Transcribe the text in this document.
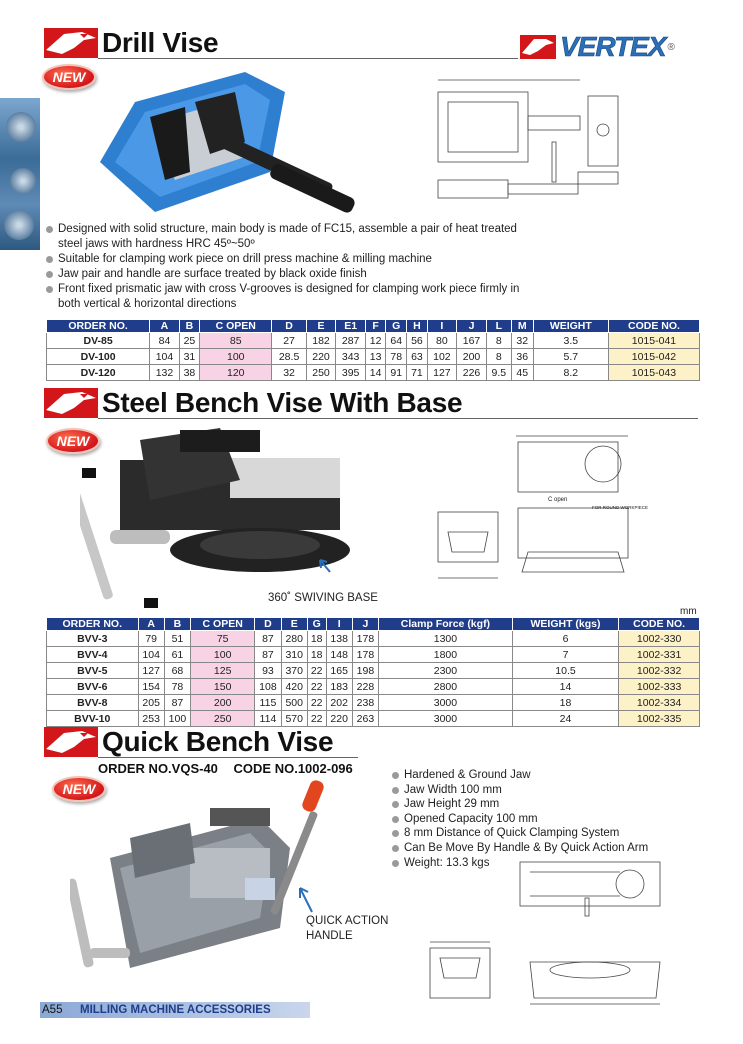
Drill Vise	VERTEX ®
NEW
Designed with solid structure, main body is made of FC15, assemble a pair of heat treated steel jaws with hardness HRC 45º~50º
Suitable for clamping work piece on drill press machine & milling machine
Jaw pair and handle are surface treated by black oxide finish
Front fixed prismatic jaw with cross V-grooves is designed for clamping work piece firmly in both vertical & horizontal directions
ORDER NO.	A	B	C OPEN	D	E	E1	F	G	H	I	J	L	M	WEIGHT	CODE NO.
DV-85	84	25	85	27	182	287	12	64	56	80	167	8	32	3.5	1015-041
DV-100	104	31	100	28.5	220	343	13	78	63	102	200	8	36	5.7	1015-042
DV-120	132	38	120	32	250	395	14	91	71	127	226	9.5	45	8.2	1015-043
Steel Bench Vise With Base
NEW
360˚ SWIVING BASE
C open
FOR ROUND WORKPIECE
mm
ORDER NO.	A	B	C OPEN	D	E	G	I	J	Clamp Force (kgf)	WEIGHT (kgs)	CODE NO.
BVV-3	79	51	75	87	280	18	138	178	1300	6	1002-330
BVV-4	104	61	100	87	310	18	148	178	1800	7	1002-331
BVV-5	127	68	125	93	370	22	165	198	2300	10.5	1002-332
BVV-6	154	78	150	108	420	22	183	228	2800	14	1002-333
BVV-8	205	87	200	115	500	22	202	238	3000	18	1002-334
BVV-10	253	100	250	114	570	22	220	263	3000	24	1002-335
Quick Bench Vise
ORDER NO.VQS-40 CODE NO.1002-096
NEW
QUICK ACTION
HANDLE
Hardened & Ground Jaw
Jaw Width 100 mm
Jaw Height 29 mm
Opened Capacity 100 mm
8 mm Distance of Quick Clamping System
Can Be Move By Handle & By Quick Action Arm
Weight: 13.3 kgs
A55 MILLING MACHINE ACCESSORIES
